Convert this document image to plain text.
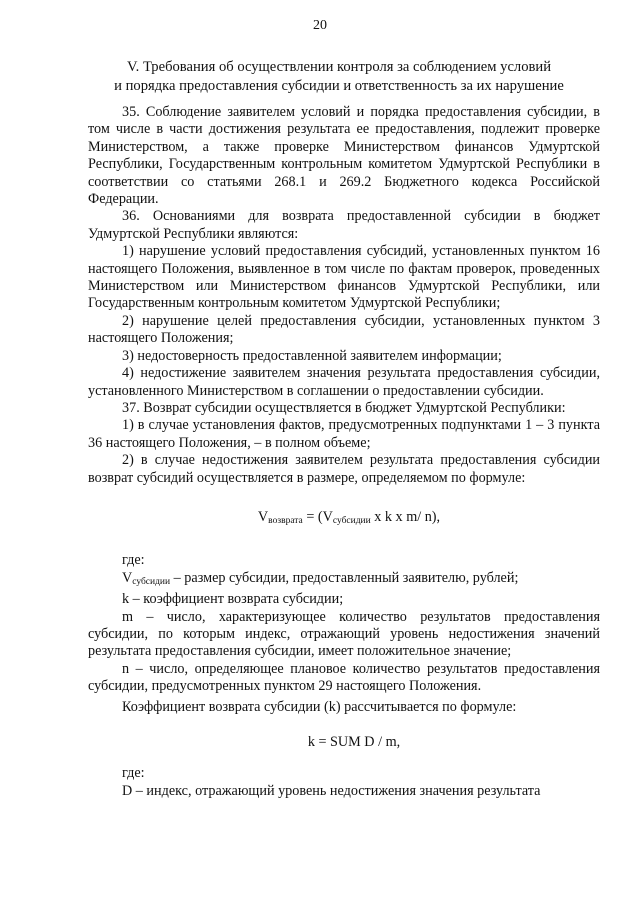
20
V. Требования об осуществлении контроля за соблюдением условий
и порядка предоставления субсидии и ответственность за их нарушение

35. Соблюдение заявителем условий и порядка предоставления субсидии, в том числе в части достижения результата ее предоставления, подлежит проверке Министерством, а также проверке Министерством финансов Удмуртской Республики, Государственным контрольным комитетом Удмуртской Республики в соответствии со статьями 268.1 и 269.2 Бюджетного кодекса Российской Федерации.

36. Основаниями для возврата предоставленной субсидии в бюджет Удмуртской Республики являются:

1) нарушение условий предоставления субсидий, установленных пунктом 16 настоящего Положения, выявленное в том числе по фактам проверок, проведенных Министерством или Министерством финансов Удмуртской Республики, или Государственным контрольным комитетом Удмуртской Республики;

2) нарушение целей предоставления субсидии, установленных пунктом 3 настоящего Положения;

3) недостоверность предоставленной заявителем информации;

4) недостижение заявителем значения результата предоставления субсидии, установленного Министерством в соглашении о предоставлении субсидии.

37. Возврат субсидии осуществляется в бюджет Удмуртской Республики:

1) в случае установления фактов, предусмотренных подпунктами 1 – 3 пункта 36 настоящего Положения, – в полном объеме;

2) в случае недостижения заявителем результата предоставления субсидии возврат субсидий осуществляется в размере, определяемом по формуле:

$V_{возврата} = (V_{субсидии}$ x k x m/ n),

где:

$V_{субсидии}$ – размер субсидии, предоставленный заявителю, рублей;

k – коэффициент возврата субсидии;

m – число, характеризующее количество результатов предоставления субсидии, по которым индекс, отражающий уровень недостижения значений результата предоставления субсидии, имеет положительное значение;

n – число, определяющее плановое количество результатов предоставления субсидии, предусмотренных пунктом 29 настоящего Положения.

Коэффициент возврата субсидии (k) рассчитывается по формуле:

k = SUM D / m,

где:

D – индекс, отражающий уровень недостижения значения результата
